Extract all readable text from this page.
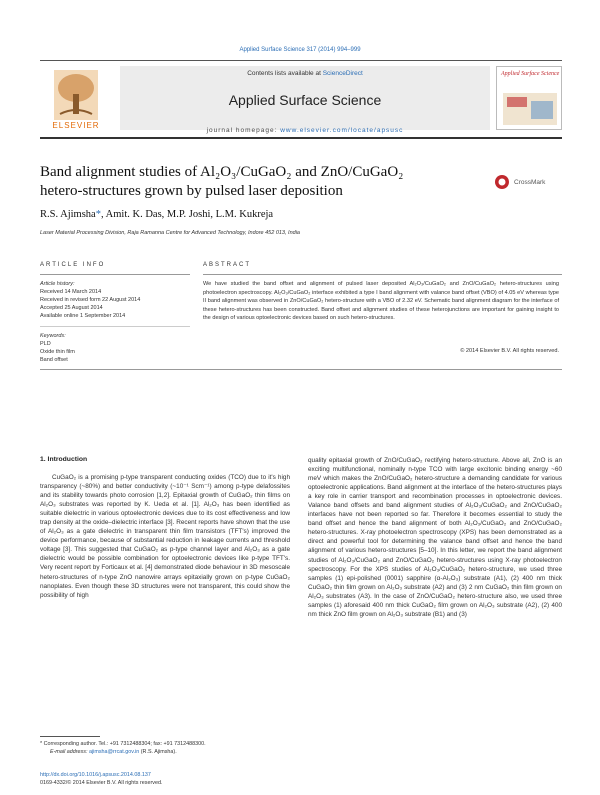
Applied Surface Science 317 (2014) 994–999
Contents lists available at ScienceDirect
Applied Surface Science
journal homepage: www.elsevier.com/locate/apsusc
ELSEVIER
Applied Surface Science
Band alignment studies of Al₂O₃/CuGaO₂ and ZnO/CuGaO₂
hetero-structures grown by pulsed laser deposition
CrossMark
R.S. Ajimsha*, Amit. K. Das, M.P. Joshi, L.M. Kukreja
Laser Material Processing Division, Raja Ramanna Centre for Advanced Technology, Indore 452 013, India
ARTICLE INFO	ABSTRACT
Article history:
Received 14 March 2014
Received in revised form 22 August 2014
Accepted 25 August 2014
Available online 1 September 2014
Keywords:
PLD
Oxide thin film
Band offset
We have studied the band offset and alignment of pulsed laser deposited Al₂O₃/CuGaO₂ and ZnO/CuGaO₂ hetero-structures using photoelectron spectroscopy. Al₂O₃/CuGaO₂ interface exhibited a type I band alignment with valance band offset (VBO) of 4.05 eV whereas type II band alignment was observed in ZnO/CuGaO₂ hetero-structure with a VBO of 2.32 eV. Schematic band alignment diagram for the interface of these hetero-structures has been constructed. Band offset and alignment studies of these heterojunctions are important for gaining insight to the design of various optoelectronic devices based on such hetero-structures.
© 2014 Elsevier B.V. All rights reserved.
1. Introduction
CuGaO₂ is a promising p-type transparent conducting oxides (TCO) due to it's high transparency (~80%) and better conductivity (~10⁻¹ Scm⁻¹) among p-type delafossites and its stability towards photo corrosion [1,2]. Epitaxial growth of CuGaO₂ thin films on Al₂O₃ substrates was reported by K. Ueda et al. [1]. Al₂O₃ has been identified as suitable dielectric in various optoelectronic devices due to its cost effectiveness and low trap density at the oxide–dielectric interface [3]. Recent reports have shown that the use of Al₂O₃ as a gate dielectric in transparent thin film transistors (TFT's) improved the device performance, because of substantial reduction in leakage currents and threshold voltage [3]. This suggested that CuGaO₂ as p-type channel layer and Al₂O₃ as a gate dielectric would be possible combination for optoelectronic devices like p-type TFT's. Very recent report by Forticaux et al. [4] demonstrated diode behaviour in 3D mesoscale hetero-structures of n-type ZnO nanowire arrays epitaxially grown on p-type CuGaO₂ nanoplates. Even though these 3D structures were not transparent, this could show the possibility of high
quality epitaxial growth of ZnO/CuGaO₂ rectifying hetero-structure. Above all, ZnO is an exciting multifunctional, nominally n-type TCO with large excitonic binding energy ~60 meV which makes the ZnO/CuGaO₂ hetero-structure a demanding candidate for various optoelectronic applications. Band alignment at the interface of the hetero-structures plays a key role in carrier transport and recombination processes in optoelectronic devices. Valance band offsets and band alignment studies of Al₂O₃/CuGaO₂ and ZnO/CuGaO₂ interfaces have not been reported so far. Therefore it becomes essential to study the band offset and hence the band alignment of both Al₂O₃/CuGaO₂ and ZnO/CuGaO₂ hetero-structures. X-ray photoelectron spectroscopy (XPS) has been demonstrated as a direct and powerful tool for determining the valance band offset and hence the band alignment of various hetero-structures [5–10]. In this letter, we report the band alignment studies of Al₂O₃/CuGaO₂ and ZnO/CuGaO₂ hetero-structures using X-ray photoelectron spectroscopy. For the XPS studies of Al₂O₃/CuGaO₂ hetero-structure, we used three samples (1) epi-polished (0001) sapphire (α-Al₂O₃) substrate (A1), (2) 400 nm thick CuGaO₂ thin film grown on Al₂O₃ substrate (A2) and (3) 2 nm CuGaO₂ thin film grown on Al₂O₃ substrates (A3). In the case of ZnO/CuGaO₂ hetero-structure also, we used three samples (1) aforesaid 400 nm thick CuGaO₂ film grown on Al₂O₃ substrate (A2), (2) 400 nm thick ZnO film grown on Al₂O₃ substrate (B1) and (3)
* Corresponding author. Tel.: +91 7312488304; fax: +91 7312488300.
E-mail address: ajimsha@rrcat.gov.in (R.S. Ajimsha).
http://dx.doi.org/10.1016/j.apsusc.2014.08.137
0169-4332/© 2014 Elsevier B.V. All rights reserved.
